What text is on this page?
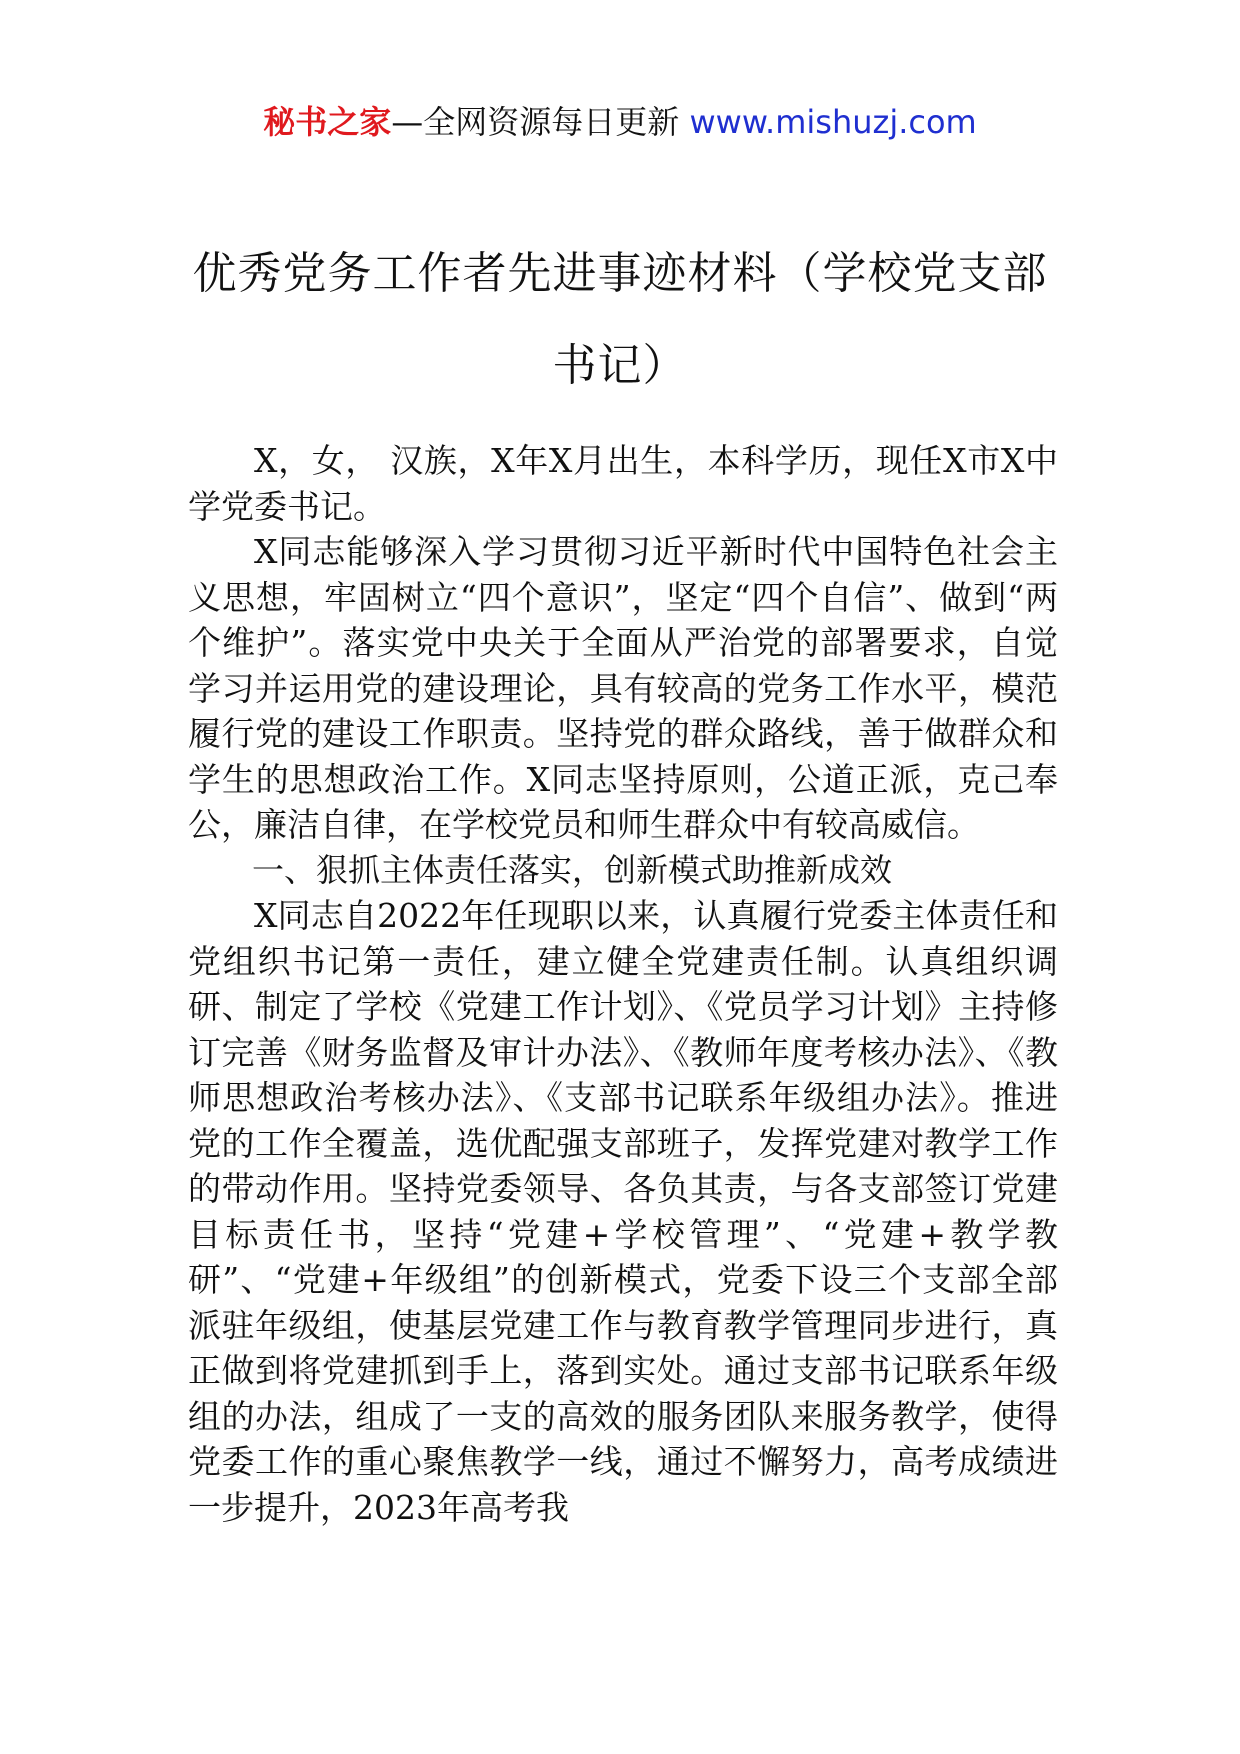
秘书之家—全网资源每日更新 www.mishuzj.com
优秀党务工作者先进事迹材料（学校党支部书记）

X，女， 汉族，X年X月出生，本科学历，现任X市X中学党委书记。

X同志能够深入学习贯彻习近平新时代中国特色社会主义思想，牢固树立“四个意识”，坚定“四个自信”、做到“两个维护”。落实党中央关于全面从严治党的部署要求，自觉学习并运用党的建设理论，具有较高的党务工作水平，模范履行党的建设工作职责。坚持党的群众路线，善于做群众和学生的思想政治工作。X同志坚持原则，公道正派，克己奉公，廉洁自律，在学校党员和师生群众中有较高威信。

一、狠抓主体责任落实，创新模式助推新成效

X同志自2022年任现职以来，认真履行党委主体责任和党组织书记第一责任，建立健全党建责任制。认真组织调研、制定了学校《党建工作计划》、《党员学习计划》主持修订完善《财务监督及审计办法》、《教师年度考核办法》、《教师思想政治考核办法》、《支部书记联系年级组办法》。推进党的工作全覆盖，选优配强支部班子，发挥党建对教学工作的带动作用。坚持党委领导、各负其责，与各支部签订党建目标责任书，坚持“党建+学校管理”、“党建+教学教研”、“党建+年级组”的创新模式，党委下设三个支部全部派驻年级组，使基层党建工作与教育教学管理同步进行，真正做到将党建抓到手上，落到实处。通过支部书记联系年级组的办法，组成了一支的高效的服务团队来服务教学，使得党委工作的重心聚焦教学一线，通过不懈努力，高考成绩进一步提升，2023年高考我
